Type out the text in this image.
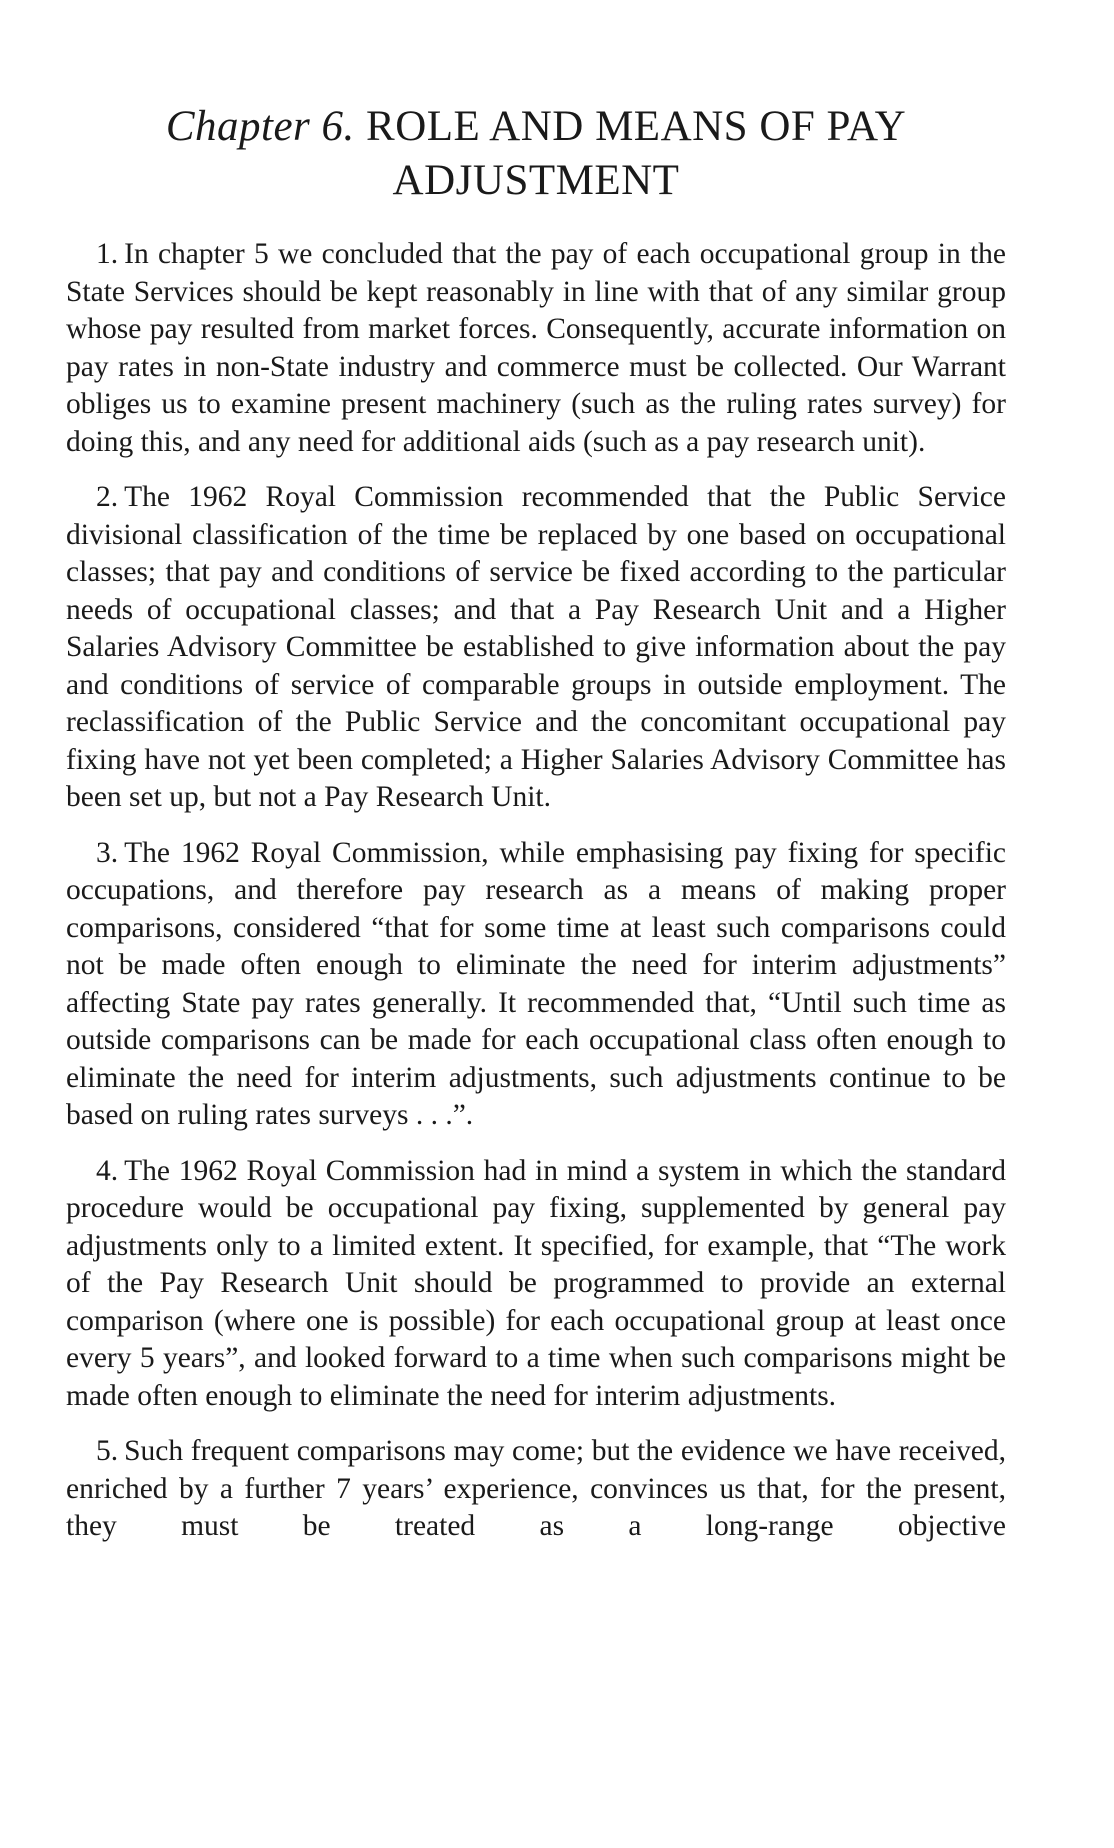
Chapter 6. ROLE AND MEANS OF PAY
ADJUSTMENT

1. In chapter 5 we concluded that the pay of each occupational group in the State Services should be kept reasonably in line with that of any similar group whose pay resulted from market forces. Consequently, accurate information on pay rates in non-State industry and commerce must be collected. Our Warrant obliges us to examine present machinery (such as the ruling rates survey) for doing this, and any need for additional aids (such as a pay research unit).

2. The 1962 Royal Commission recommended that the Public Service divisional classification of the time be replaced by one based on occupational classes; that pay and conditions of service be fixed according to the particular needs of occupational classes; and that a Pay Research Unit and a Higher Salaries Advisory Committee be established to give information about the pay and conditions of service of comparable groups in outside employment. The reclassification of the Public Service and the concomitant occupational pay fixing have not yet been completed; a Higher Salaries Advisory Committee has been set up, but not a Pay Research Unit.

3. The 1962 Royal Commission, while emphasising pay fixing for specific occupations, and therefore pay research as a means of making proper comparisons, considered “that for some time at least such comparisons could not be made often enough to eliminate the need for interim adjustments” affecting State pay rates generally. It recommended that, “Until such time as outside comparisons can be made for each occupational class often enough to eliminate the need for interim adjustments, such adjustments continue to be based on ruling rates surveys . . .”.

4. The 1962 Royal Commission had in mind a system in which the standard procedure would be occupational pay fixing, supplemented by general pay adjustments only to a limited extent. It specified, for example, that “The work of the Pay Research Unit should be programmed to provide an external comparison (where one is possible) for each occupational group at least once every 5 years”, and looked forward to a time when such comparisons might be made often enough to eliminate the need for interim adjustments.

5. Such frequent comparisons may come; but the evidence we have received, enriched by a further 7 years’ experience, convinces us that, for the present, they must be treated as a long-range objective
